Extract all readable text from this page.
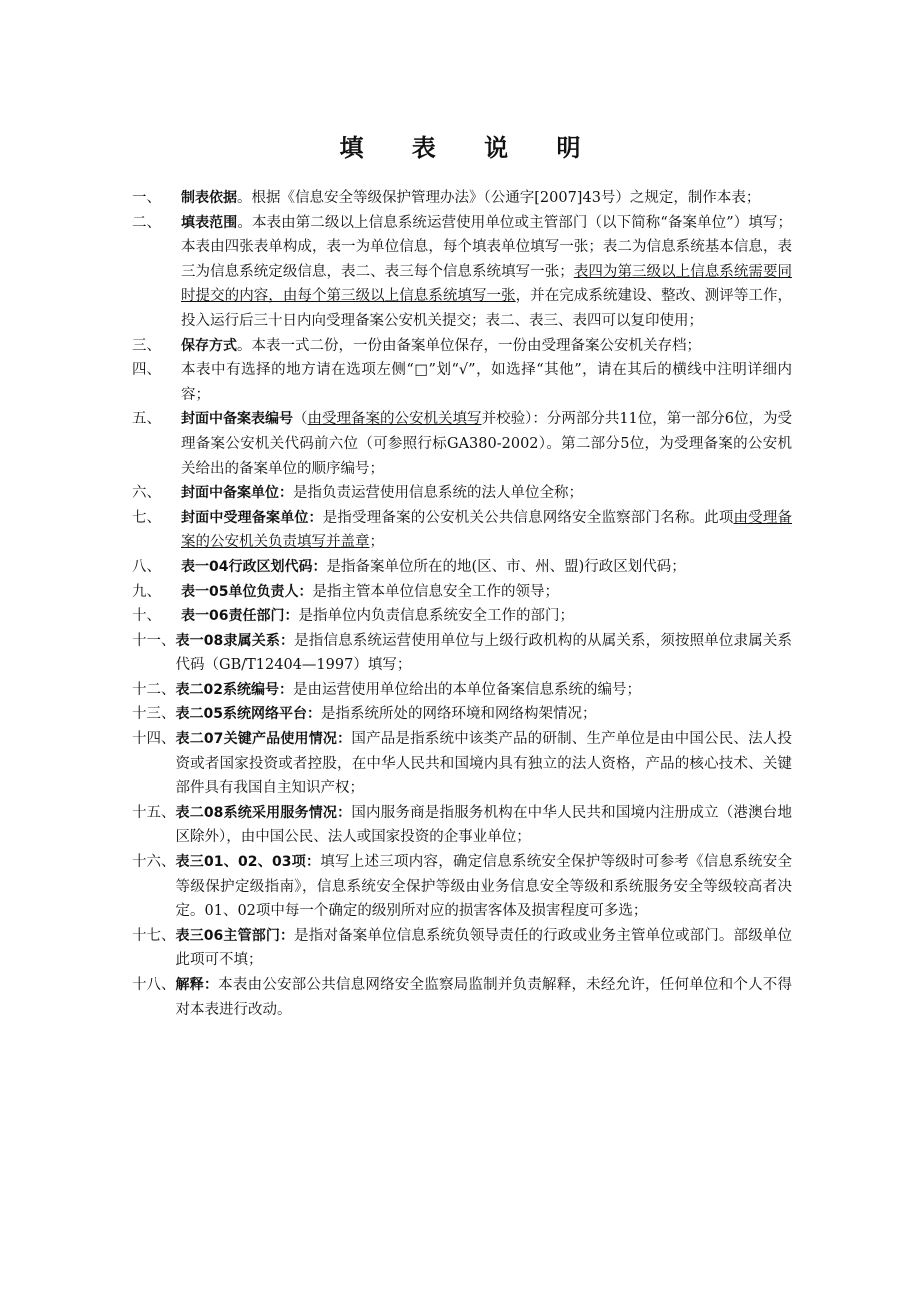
填 表 说 明
一、	制表依据。根据《信息安全等级保护管理办法》（公通字[2007]43号）之规定，制作本表；
二、	填表范围。本表由第二级以上信息系统运营使用单位或主管部门（以下简称“备案单位”）填写；本表由四张表单构成，表一为单位信息，每个填表单位填写一张；表二为信息系统基本信息，表三为信息系统定级信息，表二、表三每个信息系统填写一张；表四为第三级以上信息系统需要同时提交的内容，由每个第三级以上信息系统填写一张，并在完成系统建设、整改、测评等工作，投入运行后三十日内向受理备案公安机关提交；表二、表三、表四可以复印使用；
三、	保存方式。本表一式二份，一份由备案单位保存，一份由受理备案公安机关存档；
四、	本表中有选择的地方请在选项左侧“□”划“√”，如选择“其他”，请在其后的横线中注明详细内容；
五、	封面中备案表编号（由受理备案的公安机关填写并校验）：分两部分共11位，第一部分6位，为受理备案公安机关代码前六位（可参照行标GA380-2002）。第二部分5位，为受理备案的公安机关给出的备案单位的顺序编号；
六、	封面中备案单位：是指负责运营使用信息系统的法人单位全称；
七、	封面中受理备案单位：是指受理备案的公安机关公共信息网络安全监察部门名称。此项由受理备案的公安机关负责填写并盖章；
八、	表一04行政区划代码：是指备案单位所在的地(区、市、州、盟)行政区划代码；
九、	表一05单位负责人：是指主管本单位信息安全工作的领导；
十、	表一06责任部门：是指单位内负责信息系统安全工作的部门；
十一、 表一08隶属关系：是指信息系统运营使用单位与上级行政机构的从属关系，须按照单位隶属关系代码（GB/T12404—1997）填写；
十二、 表二02系统编号：是由运营使用单位给出的本单位备案信息系统的编号；
十三、 表二05系统网络平台：是指系统所处的网络环境和网络构架情况；
十四、 表二07关键产品使用情况：国产品是指系统中该类产品的研制、生产单位是由中国公民、法人投资或者国家投资或者控股，在中华人民共和国境内具有独立的法人资格，产品的核心技术、关键部件具有我国自主知识产权；
十五、 表二08系统采用服务情况：国内服务商是指服务机构在中华人民共和国境内注册成立（港澳台地区除外），由中国公民、法人或国家投资的企事业单位；
十六、 表三01、02、03项：填写上述三项内容，确定信息系统安全保护等级时可参考《信息系统安全等级保护定级指南》，信息系统安全保护等级由业务信息安全等级和系统服务安全等级较高者决定。01、02项中每一个确定的级别所对应的损害客体及损害程度可多选；
十七、 表三06主管部门：是指对备案单位信息系统负领导责任的行政或业务主管单位或部门。部级单位此项可不填；
十八、 解释：本表由公安部公共信息网络安全监察局监制并负责解释，未经允许，任何单位和个人不得对本表进行改动。
